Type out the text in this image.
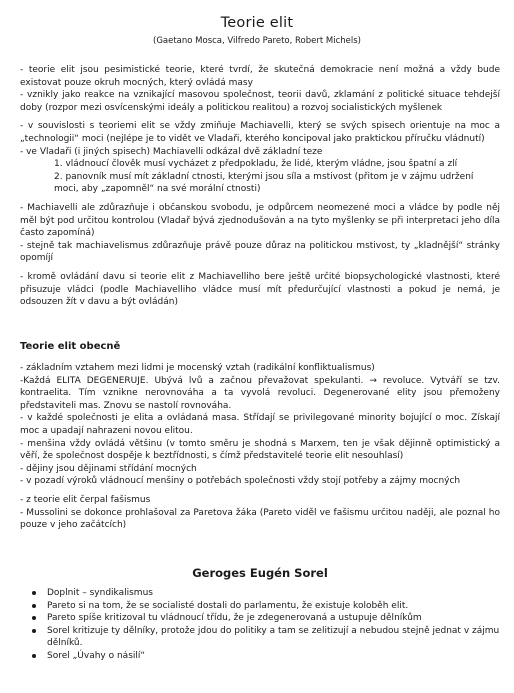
Teorie elit
(Gaetano Mosca, Vilfredo Pareto, Robert Michels)

- teorie elit jsou pesimistické teorie, které tvrdí, že skutečná demokracie není možná a vždy bude existovat pouze okruh mocných, který ovládá masy

- vznikly jako reakce na vznikající masovou společnost, teorii davů, zklamání z politické situace tehdejší doby (rozpor mezi osvícenskými ideály a politickou realitou) a rozvoj socialistických myšlenek

- v souvislosti s teoriemi elit se vždy zmiňuje Machiavelli, který se svých spisech orientuje na moc a „technologii“ moci (nejlépe je to vidět ve Vladaři, kterého koncipoval jako praktickou příručku vládnutí)

- ve Vladaři (i jiných spisech) Machiavelli odkázal dvě základní teze

1. vládnoucí člověk musí vycházet z předpokladu, že lidé, kterým vládne, jsou špatní a zlí
2. panovník musí mít základní ctnosti, kterými jsou síla a mstivost (přitom je v zájmu udržení moci, aby „zapomněl“ na své morální ctnosti)

- Machiavelli ale zdůrazňuje i občanskou svobodu, je odpůrcem neomezené moci a vládce by podle něj měl být pod určitou kontrolou (Vladař bývá zjednodušován a na tyto myšlenky se při interpretaci jeho díla často zapomíná)

- stejně tak machiavelismus zdůrazňuje právě pouze důraz na politickou mstivost, ty „kladnější“ stránky opomíjí

- kromě ovládání davu si teorie elit z Machiavelliho bere ještě určité biopsychologické vlastnosti, které přisuzuje vládci (podle Machiavelliho vládce musí mít předurčující vlastnosti a pokud je nemá, je odsouzen žít v davu a být ovládán)

Teorie elit obecně

- základním vztahem mezi lidmi je mocenský vztah (radikální konfliktualismus)

-Každá ELITA DEGENERUJE. Ubývá lvů a začnou převažovat spekulanti. → revoluce. Vytváří se tzv. kontraelita. Tím vznikne nerovnováha a ta vyvolá revoluci. Degenerované elity jsou přemoženy představiteli mas. Znovu se nastolí rovnováha.

- v každé společnosti je elita a ovládaná masa. Střídají se privilegované minority bojující o moc. Získají moc a upadají nahrazeni novou elitou.

- menšina vždy ovládá většinu (v tomto směru je shodná s Marxem, ten je však dějinně optimistický a věří, že společnost dospěje k beztřídnosti, s čímž představitelé teorie elit nesouhlasí)

- dějiny jsou dějinami střídání mocných

- v pozadí výroků vládnoucí menšiny o potřebách společnosti vždy stojí potřeby a zájmy mocných

- z teorie elit čerpal fašismus

- Mussolini se dokonce prohlašoval za Paretova žáka (Pareto viděl ve fašismu určitou naději, ale poznal ho pouze v jeho začátcích)

Geroges Eugén Sorel
Doplnit – syndikalismus
Pareto si na tom, že se socialisté dostali do parlamentu, že existuje koloběh elit.
Pareto spíše kritizoval tu vládnoucí třídu, že je zdegenerovaná a ustupuje dělníkům
Sorel kritizuje ty dělníky, protože jdou do politiky a tam se zelitizují a nebudou stejně jednat v zájmu dělníků.
Sorel „Úvahy o násilí“
